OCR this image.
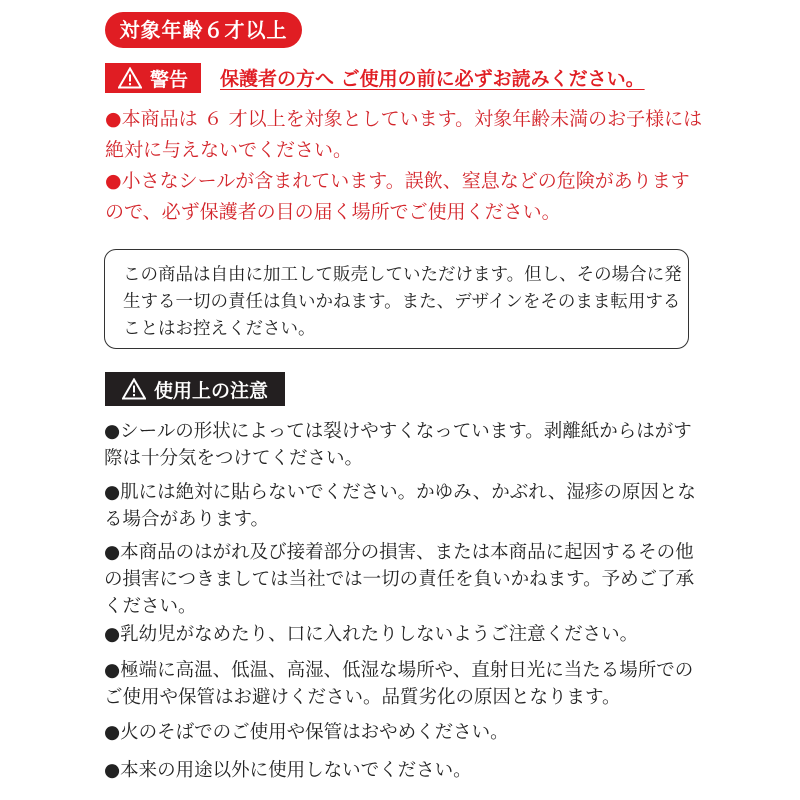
対象年齢６才以上
警告 保護者の方へ ご使用の前に必ずお読みください。
●本商品は ６ 才以上を対象としています。対象年齢未満のお子様には絶対に与えないでください。
●小さなシールが含まれています。誤飲、窒息などの危険がありますので、必ず保護者の目の届く場所でご使用ください。
この商品は自由に加工して販売していただけます。但し、その場合に発生する一切の責任は負いかねます。また、デザインをそのまま転用することはお控えください。
使用上の注意
●シールの形状によっては裂けやすくなっています。剥離紙からはがす際は十分気をつけてください。
●肌には絶対に貼らないでください。かゆみ、かぶれ、湿疹の原因となる場合があります。
●本商品のはがれ及び接着部分の損害、または本商品に起因するその他の損害につきましては当社では一切の責任を負いかねます。予めご了承ください。
●乳幼児がなめたり、口に入れたりしないようご注意ください。
●極端に高温、低温、高湿、低湿な場所や、直射日光に当たる場所でのご使用や保管はお避けください。品質劣化の原因となります。
●火のそばでのご使用や保管はおやめください。
●本来の用途以外に使用しないでください。
